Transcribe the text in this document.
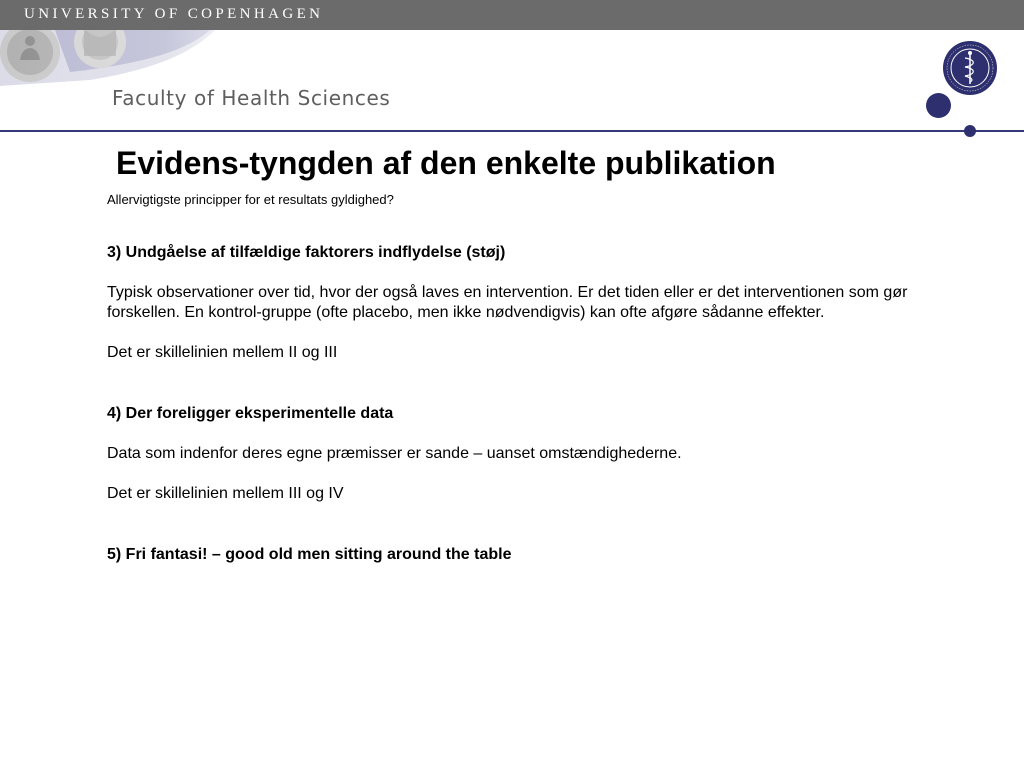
UNIVERSITY OF COPENHAGEN
Faculty of Health Sciences
Evidens-tyngden af den enkelte publikation
Allervigtigste principper for et resultats gyldighed?

3) Undgåelse af tilfældige faktorers indflydelse (støj)

Typisk observationer over tid, hvor der også laves en intervention. Er det tiden eller er det interventionen som gør forskellen. En kontrol-gruppe (ofte placebo, men ikke nødvendigvis) kan ofte afgøre sådanne effekter.

Det er skillelinien mellem II og III

4) Der foreligger eksperimentelle data

Data som indenfor deres egne præmisser er sande – uanset omstændighederne.

Det er skillelinien mellem III og IV

5) Fri fantasi! – good old men sitting around the table
